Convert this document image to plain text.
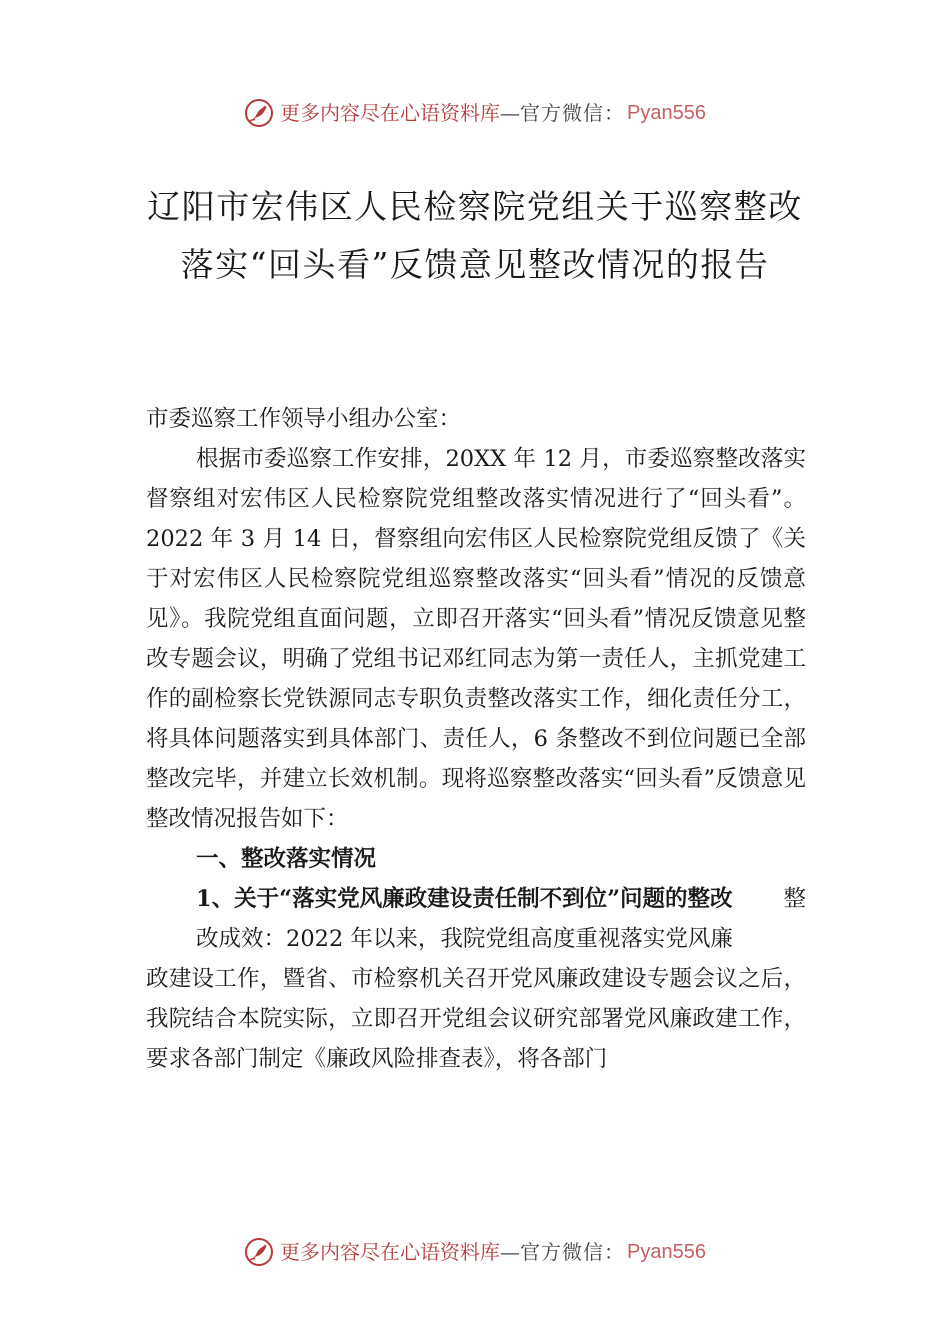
更多内容尽在心语资料库 — 官方微信： Pyan556
辽阳市宏伟区人民检察院党组关于巡察整改落实“回头看”反馈意见整改情况的报告

市委巡察工作领导小组办公室：

根据市委巡察工作安排，20XX 年 12 月，市委巡察整改落实督察组对宏伟区人民检察院党组整改落实情况进行了“回头看”。2022 年 3 月 14 日，督察组向宏伟区人民检察院党组反馈了《关于对宏伟区人民检察院党组巡察整改落实“回头看”情况的反馈意见》。我院党组直面问题，立即召开落实“回头看”情况反馈意见整改专题会议，明确了党组书记邓红同志为第一责任人，主抓党建工作的副检察长党铁源同志专职负责整改落实工作，细化责任分工，将具体问题落实到具体部门、责任人，6 条整改不到位问题已全部整改完毕，并建立长效机制。现将巡察整改落实“回头看”反馈意见整改情况报告如下：

一、整改落实情况

1、关于“落实党风廉政建设责任制不到位”问题的整改 整

改成效：2022 年以来，我院党组高度重视落实党风廉

政建设工作，暨省、市检察机关召开党风廉政建设专题会议之后，我院结合本院实际，立即召开党组会议研究部署党风廉政建工作，要求各部门制定《廉政风险排查表》，将各部门

更多内容尽在心语资料库 — 官方微信： Pyan556
